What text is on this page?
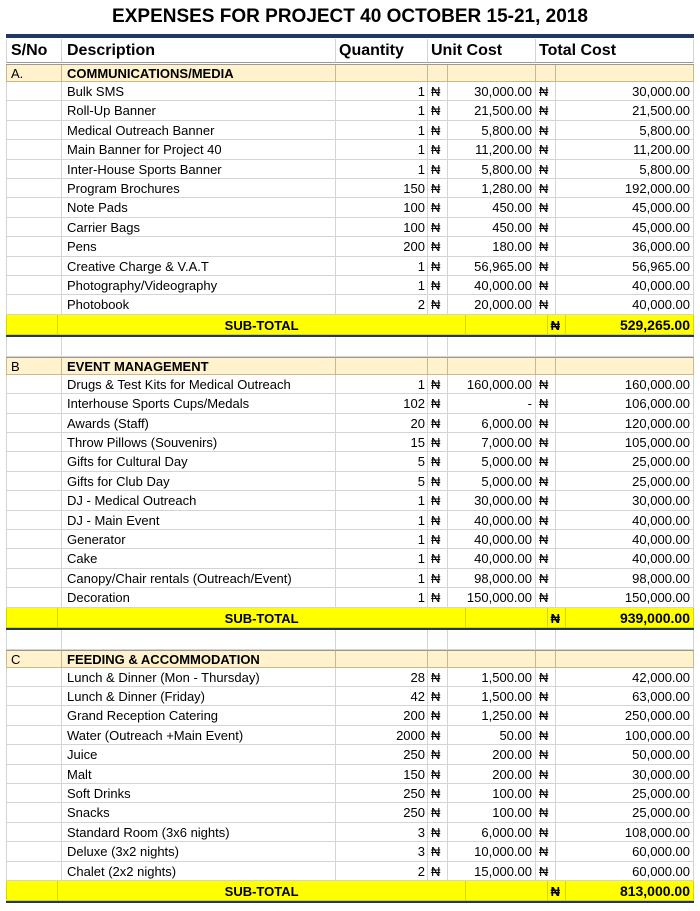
EXPENSES FOR PROJECT 40 OCTOBER 15-21, 2018
S/No	Description	Quantity	Unit Cost	Total Cost
A.	COMMUNICATIONS/MEDIA
Bulk SMS	1 ₦	30,000.00 ₦	30,000.00
Roll-Up Banner	1 ₦	21,500.00 ₦	21,500.00
Medical Outreach Banner	1 ₦	5,800.00 ₦	5,800.00
Main Banner for Project 40	1 ₦	11,200.00 ₦	11,200.00
Inter-House Sports Banner	1 ₦	5,800.00 ₦	5,800.00
Program Brochures	150 ₦	1,280.00 ₦	192,000.00
Note Pads	100 ₦	450.00 ₦	45,000.00
Carrier Bags	100 ₦	450.00 ₦	45,000.00
Pens	200 ₦	180.00 ₦	36,000.00
Creative Charge & V.A.T	1 ₦	56,965.00 ₦	56,965.00
Photography/Videography	1 ₦	40,000.00 ₦	40,000.00
Photobook	2 ₦	20,000.00 ₦	40,000.00
SUB-TOTAL	₦	529,265.00
B	EVENT MANAGEMENT
Drugs & Test Kits for Medical Outreach	1 ₦	160,000.00 ₦	160,000.00
Interhouse Sports Cups/Medals	102 ₦	- ₦	106,000.00
Awards (Staff)	20 ₦	6,000.00 ₦	120,000.00
Throw Pillows (Souvenirs)	15 ₦	7,000.00 ₦	105,000.00
Gifts for Cultural Day	5 ₦	5,000.00 ₦	25,000.00
Gifts for Club Day	5 ₦	5,000.00 ₦	25,000.00
DJ - Medical Outreach	1 ₦	30,000.00 ₦	30,000.00
DJ - Main Event	1 ₦	40,000.00 ₦	40,000.00
Generator	1 ₦	40,000.00 ₦	40,000.00
Cake	1 ₦	40,000.00 ₦	40,000.00
Canopy/Chair rentals (Outreach/Event)	1 ₦	98,000.00 ₦	98,000.00
Decoration	1 ₦	150,000.00 ₦	150,000.00
SUB-TOTAL	₦	939,000.00
C	FEEDING & ACCOMMODATION
Lunch & Dinner (Mon - Thursday)	28 ₦	1,500.00 ₦	42,000.00
Lunch & Dinner (Friday)	42 ₦	1,500.00 ₦	63,000.00
Grand Reception Catering	200 ₦	1,250.00 ₦	250,000.00
Water (Outreach +Main Event)	2000 ₦	50.00 ₦	100,000.00
Juice	250 ₦	200.00 ₦	50,000.00
Malt	150 ₦	200.00 ₦	30,000.00
Soft Drinks	250 ₦	100.00 ₦	25,000.00
Snacks	250 ₦	100.00 ₦	25,000.00
Standard Room (3x6 nights)	3 ₦	6,000.00 ₦	108,000.00
Deluxe (3x2 nights)	3 ₦	10,000.00 ₦	60,000.00
Chalet (2x2 nights)	2 ₦	15,000.00 ₦	60,000.00
SUB-TOTAL	₦	813,000.00
